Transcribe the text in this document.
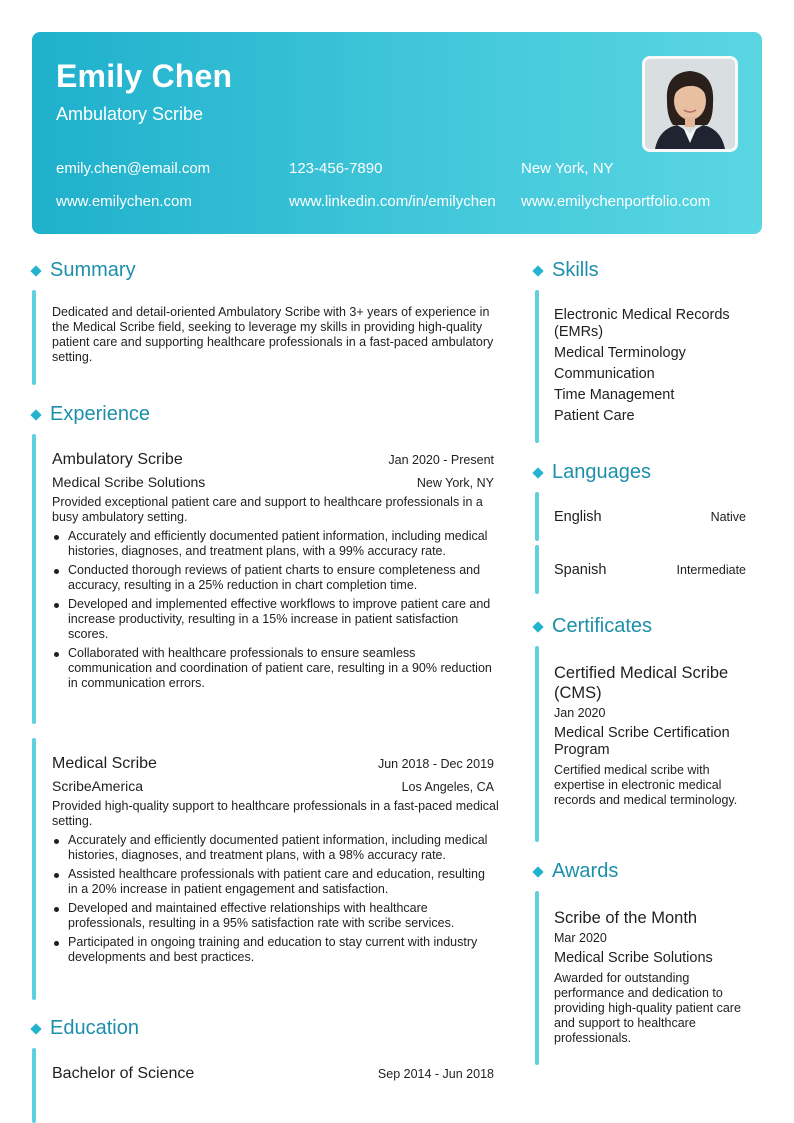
Emily Chen
Ambulatory Scribe
emily.chen@email.com	123-456-7890	New York, NY
www.emilychen.com	www.linkedin.com/in/emilychen www.emilychenportfolio.com
Summary
Dedicated and detail-oriented Ambulatory Scribe with 3+ years of experience in the Medical Scribe field, seeking to leverage my skills in providing high-quality patient care and supporting healthcare professionals in a fast-paced ambulatory setting.
Experience
Ambulatory Scribe	Jan 2020 - Present
Medical Scribe Solutions	New York, NY
Provided exceptional patient care and support to healthcare professionals in a busy ambulatory setting.
Accurately and efficiently documented patient information, including medical histories, diagnoses, and treatment plans, with a 99% accuracy rate.
Conducted thorough reviews of patient charts to ensure completeness and accuracy, resulting in a 25% reduction in chart completion time.
Developed and implemented effective workflows to improve patient care and increase productivity, resulting in a 15% increase in patient satisfaction scores.
Collaborated with healthcare professionals to ensure seamless communication and coordination of patient care, resulting in a 90% reduction in communication errors.
Medical Scribe	Jun 2018 - Dec 2019
ScribeAmerica	Los Angeles, CA
Provided high-quality support to healthcare professionals in a fast-paced medical setting.
Accurately and efficiently documented patient information, including medical histories, diagnoses, and treatment plans, with a 98% accuracy rate.
Assisted healthcare professionals with patient care and education, resulting in a 20% increase in patient engagement and satisfaction.
Developed and maintained effective relationships with healthcare professionals, resulting in a 95% satisfaction rate with scribe services.
Participated in ongoing training and education to stay current with industry developments and best practices.
Education
Bachelor of Science	Sep 2014 - Jun 2018
Skills
Electronic Medical Records (EMRs)
Medical Terminology
Communication
Time Management
Patient Care
Languages
English	Native
Spanish	Intermediate
Certificates
Certified Medical Scribe (CMS)
Jan 2020
Medical Scribe Certification Program
Certified medical scribe with expertise in electronic medical records and medical terminology.
Awards
Scribe of the Month
Mar 2020
Medical Scribe Solutions
Awarded for outstanding performance and dedication to providing high-quality patient care and support to healthcare professionals.
